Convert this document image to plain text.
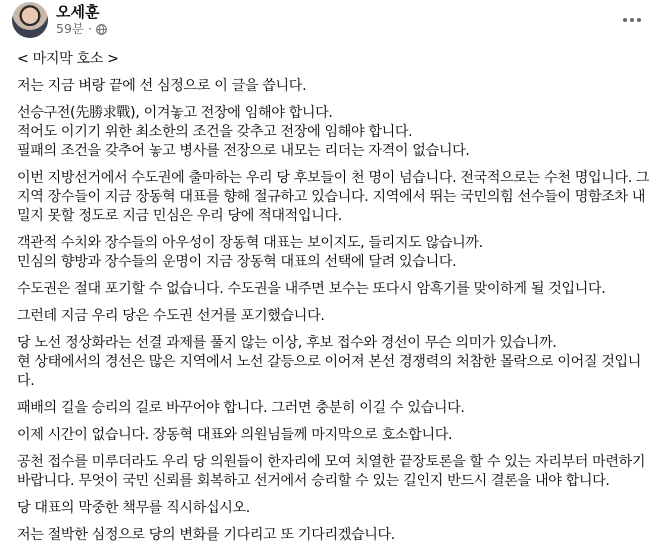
오세훈
59분 ·
< 마지막 호소 >
저는 지금 벼랑 끝에 선 심정으로 이 글을 씁니다.
선승구전(先勝求戰), 이겨놓고 전장에 임해야 합니다.
적어도 이기기 위한 최소한의 조건을 갖추고 전장에 임해야 합니다.
필패의 조건을 갖추어 놓고 병사를 전장으로 내모는 리더는 자격이 없습니다.
이번 지방선거에서 수도권에 출마하는 우리 당 후보들이 천 명이 넘습니다. 전국적으로는 수천 명입니다. 그
지역 장수들이 지금 장동혁 대표를 향해 절규하고 있습니다. 지역에서 뛰는 국민의힘 선수들이 명함조차 내
밀지 못할 정도로 지금 민심은 우리 당에 적대적입니다.
객관적 수치와 장수들의 아우성이 장동혁 대표는 보이지도, 들리지도 않습니까.
민심의 향방과 장수들의 운명이 지금 장동혁 대표의 선택에 달려 있습니다.
수도권은 절대 포기할 수 없습니다. 수도권을 내주면 보수는 또다시 암흑기를 맞이하게 될 것입니다.
그런데 지금 우리 당은 수도권 선거를 포기했습니다.
당 노선 정상화라는 선결 과제를 풀지 않는 이상, 후보 접수와 경선이 무슨 의미가 있습니까.
현 상태에서의 경선은 많은 지역에서 노선 갈등으로 이어져 본선 경쟁력의 처참한 몰락으로 이어질 것입니
다.
패배의 길을 승리의 길로 바꾸어야 합니다. 그러면 충분히 이길 수 있습니다.
이제 시간이 없습니다. 장동혁 대표와 의원님들께 마지막으로 호소합니다.
공천 접수를 미루더라도 우리 당 의원들이 한자리에 모여 치열한 끝장토론을 할 수 있는 자리부터 마련하기
바랍니다. 무엇이 국민 신뢰를 회복하고 선거에서 승리할 수 있는 길인지 반드시 결론을 내야 합니다.
당 대표의 막중한 책무를 직시하십시오.
저는 절박한 심정으로 당의 변화를 기다리고 또 기다리겠습니다.
